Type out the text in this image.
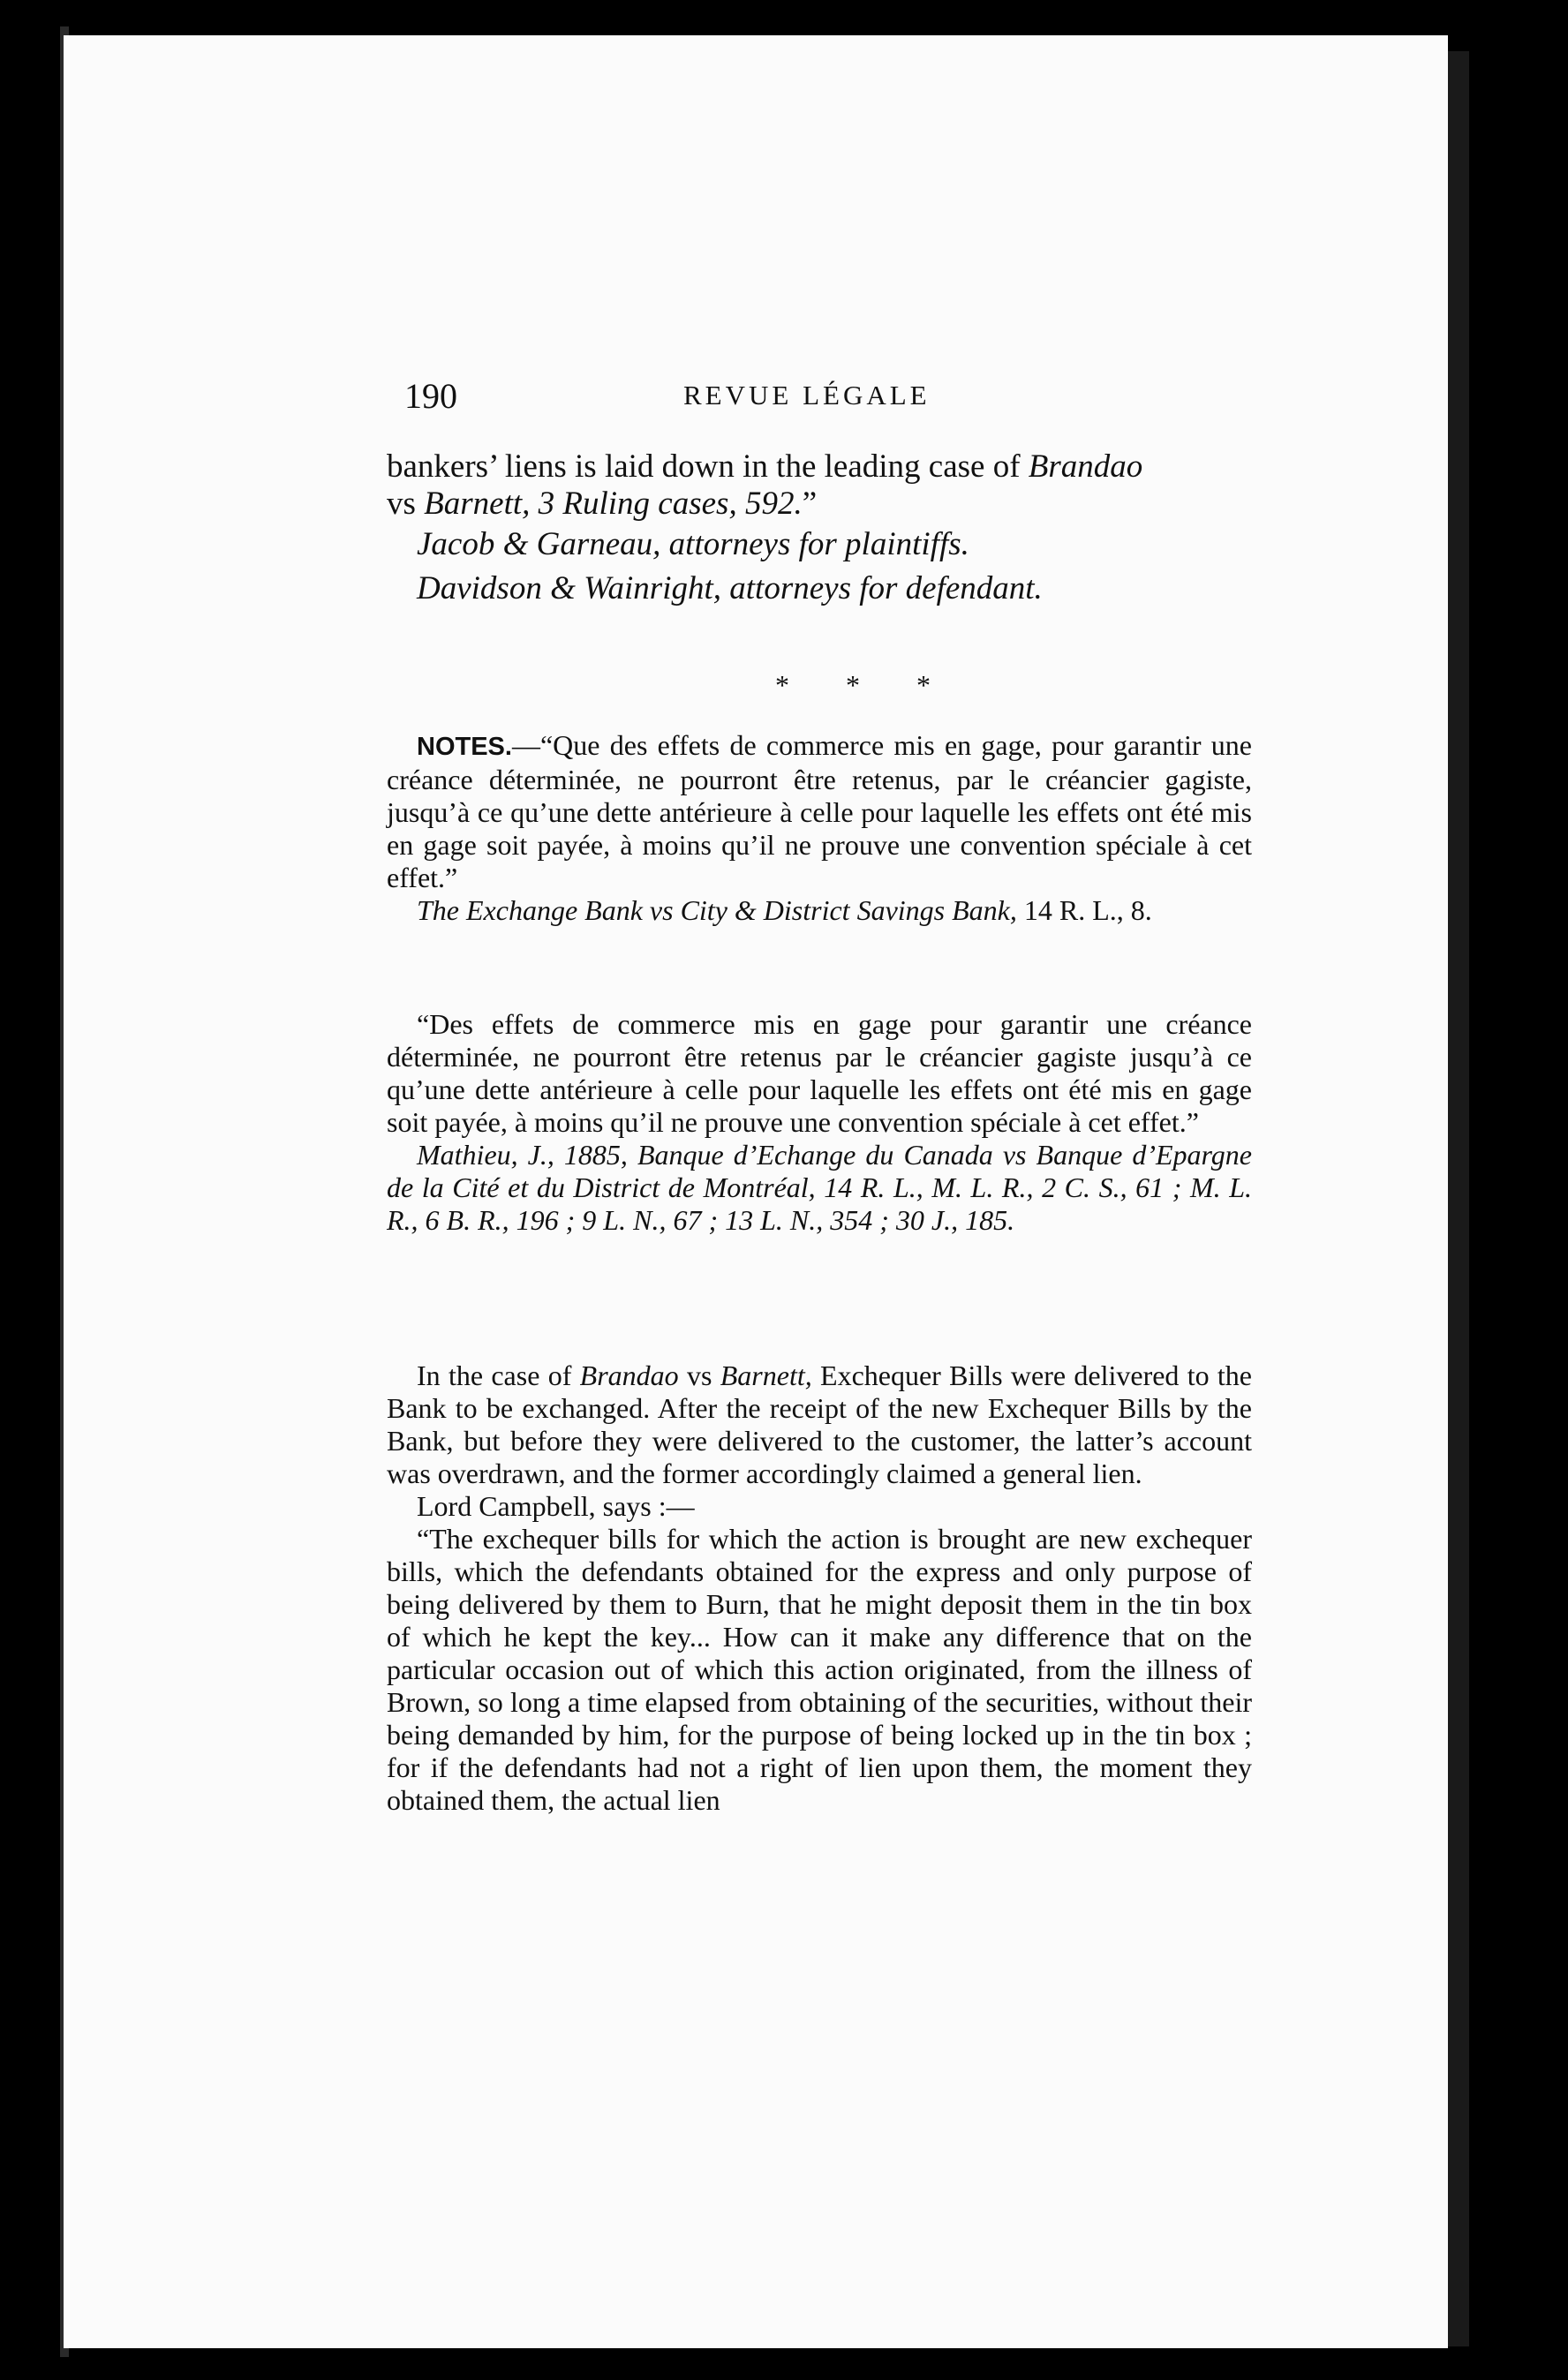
190	REVUE LÉGALE

bankers’ liens is laid down in the leading case of Brandao
vs Barnett, 3 Ruling cases, 592.”

Jacob & Garneau, attorneys for plaintiffs.

Davidson & Wainright, attorneys for defendant.

* * *

NOTES.—“Que des effets de commerce mis en gage, pour garantir une créance déterminée, ne pourront être retenus, par le créancier gagiste, jusqu’à ce qu’une dette antérieure à celle pour laquelle les effets ont été mis en gage soit payée, à moins qu’il ne prouve une convention spéciale à cet effet.”

The Exchange Bank vs City & District Savings Bank, 14 R. L., 8.

“Des effets de commerce mis en gage pour garantir une créance déterminée, ne pourront être retenus par le créancier gagiste jusqu’à ce qu’une dette antérieure à celle pour laquelle les effets ont été mis en gage soit payée, à moins qu’il ne prouve une convention spéciale à cet effet.”

Mathieu, J., 1885, Banque d’Echange du Canada vs Banque d’Epargne de la Cité et du District de Montréal, 14 R. L., M. L. R., 2 C. S., 61 ; M. L. R., 6 B. R., 196 ; 9 L. N., 67 ; 13 L. N., 354 ; 30 J., 185.

In the case of Brandao vs Barnett, Exchequer Bills were delivered to the Bank to be exchanged. After the receipt of the new Exchequer Bills by the Bank, but before they were delivered to the customer, the latter’s account was overdrawn, and the former accordingly claimed a general lien.

Lord Campbell, says :—

“The exchequer bills for which the action is brought are new exchequer bills, which the defendants obtained for the express and only purpose of being delivered by them to Burn, that he might deposit them in the tin box of which he kept the key... How can it make any difference that on the particular occasion out of which this action originated, from the illness of Brown, so long a time elapsed from obtaining of the securities, without their being demanded by him, for the purpose of being locked up in the tin box ; for if the defendants had not a right of lien upon them, the moment they obtained them, the actual lien
